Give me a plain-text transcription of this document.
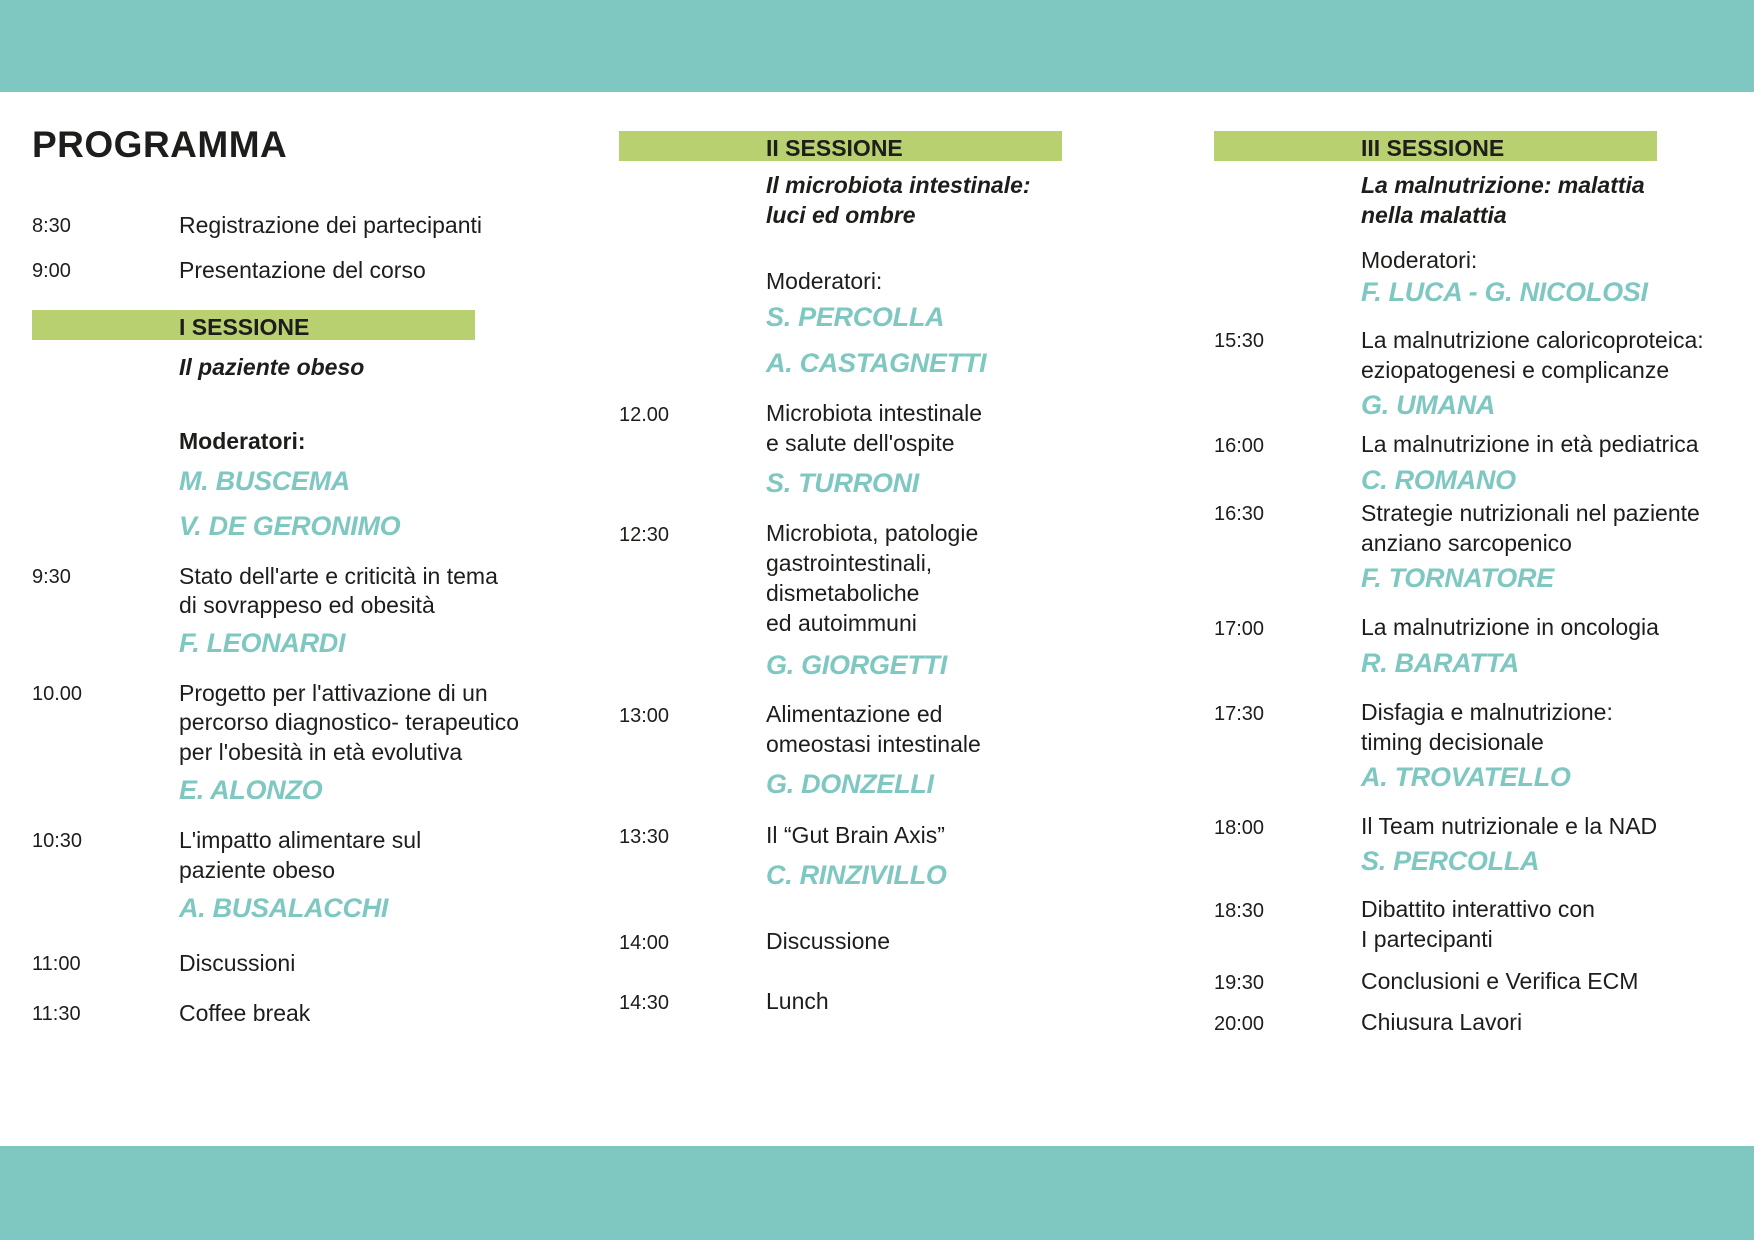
PROGRAMMA
8:30	Registrazione dei partecipanti
9:00	Presentazione del corso
I SESSIONE
Il paziente obeso
Moderatori:
M. BUSCEMA
V. DE GERONIMO
9:30	Stato dell'arte e criticità in tema
di sovrappeso ed obesità
F. LEONARDI
10.00	Progetto per l'attivazione di un
percorso diagnostico- terapeutico
per l'obesità in età evolutiva
E. ALONZO
10:30	L'impatto alimentare sul
paziente obeso
A. BUSALACCHI
11:00	Discussioni
11:30	Coffee break
II SESSIONE
Il microbiota intestinale:
luci ed ombre
Moderatori:
S. PERCOLLA
A. CASTAGNETTI
12.00	Microbiota intestinale
e salute dell'ospite
S. TURRONI
12:30	Microbiota, patologie
gastrointestinali,
dismetaboliche
ed autoimmuni
G. GIORGETTI
13:00	Alimentazione ed
omeostasi intestinale
G. DONZELLI
13:30	Il “Gut Brain Axis”
C. RINZIVILLO
14:00	Discussione
14:30	Lunch
III SESSIONE
La malnutrizione: malattia
nella malattia
Moderatori:
F. LUCA - G. NICOLOSI
15:30	La malnutrizione caloricoproteica:
eziopatogenesi e complicanze
G. UMANA
16:00	La malnutrizione in età pediatrica
C. ROMANO
16:30	Strategie nutrizionali nel paziente
anziano sarcopenico
F. TORNATORE
17:00	La malnutrizione in oncologia
R. BARATTA
17:30	Disfagia e malnutrizione:
timing decisionale
A. TROVATELLO
18:00	Il Team nutrizionale e la NAD
S. PERCOLLA
18:30	Dibattito interattivo con
I partecipanti
19:30	Conclusioni e Verifica ECM
20:00	Chiusura Lavori
